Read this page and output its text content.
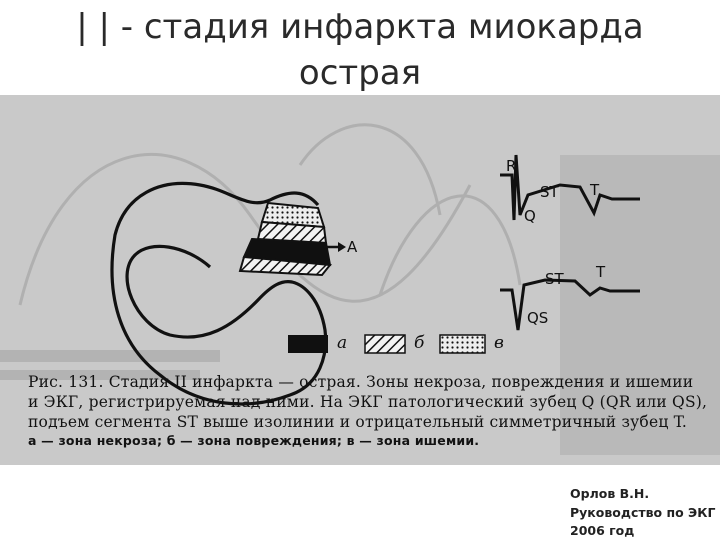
| | - стадия инфаркта миокарда
острая
A
R
ST T
Q
ST T
QS
а	б	в

Рис. 131. Стадия II инфаркта — острая. Зоны некроза, повреждения и ишемии

и ЭКГ, регистрируемая над ними. На ЭКГ патологический зубец Q (QR или QS),

подъем сегмента ST выше изолинии и отрицательный симметричный зубец T.

а — зона некроза; б — зона повреждения; в — зона ишемии.

Орлов В.Н.
Руководство по ЭКГ
2006 год
